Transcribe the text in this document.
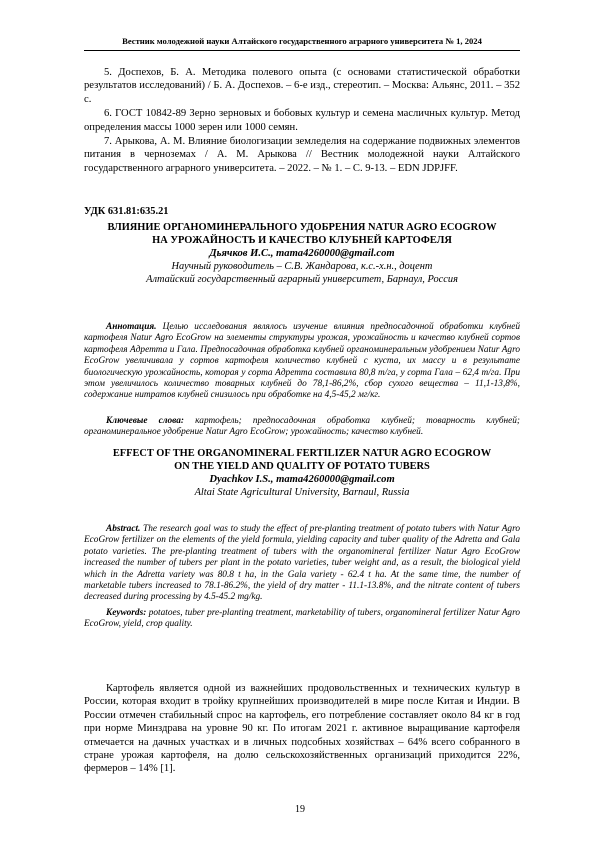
Вестник молодежной науки Алтайского государственного аграрного университета № 1, 2024

5. Доспехов, Б. А. Методика полевого опыта (с основами статистической обработки результатов исследований) / Б. А. Доспехов. – 6-е изд., стереотип. – Москва: Альянс, 2011. – 352 с.

6. ГОСТ 10842-89 Зерно зерновых и бобовых культур и семена масличных культур. Метод определения массы 1000 зерен или 1000 семян.

7. Арыкова, А. М. Влияние биологизации земледелия на содержание подвижных элементов питания в черноземах / А. М. Арыкова // Вестник молодежной науки Алтайского государственного аграрного университета. – 2022. – № 1. – С. 9-13. – EDN JDPJFF.

УДК 631.81:635.21

ВЛИЯНИЕ ОРГАНОМИНЕРАЛЬНОГО УДОБРЕНИЯ NATUR AGRO ECOGROW

НА УРОЖАЙНОСТЬ И КАЧЕСТВО КЛУБНЕЙ КАРТОФЕЛЯ

Дьячков И.С., mama4260000@gmail.com

Научный руководитель – С.В. Жандарова, к.с.-х.н., доцент

Алтайский государственный аграрный университет, Барнаул, Россия

Аннотация. Целью исследования являлось изучение влияния предпосадочной обработки клубней картофеля Natur Agro EcoGrow на элементы структуры урожая, урожайность и качество клубней сортов картофеля Адретта и Гала. Предпосадочная обработка клубней органоминеральным удобрением Natur Agro EcoGrow увеличивала у сортов картофеля количество клубней с куста, их массу и в результате биологическую урожайность, которая у сорта Адретта составила 80,8 т/га, у сорта Гала – 62,4 т/га. При этом увеличилось количество товарных клубней до 78,1-86,2%, сбор сухого вещества – 11,1-13,8%, содержание нитратов клубней снизилось при обработке на 4,5-45,2 мг/кг.

Ключевые слова: картофель; предпосадочная обработка клубней; товарность клубней; органоминеральное удобрение Natur Agro EcoGrow; урожайность; качество клубней.

EFFECT OF THE ORGANOMINERAL FERTILIZER NATUR AGRO ECOGROW

ON THE YIELD AND QUALITY OF POTATO TUBERS

Dyachkov I.S., mama4260000@gmail.com

Altai State Agricultural University, Barnaul, Russia

Abstract. The research goal was to study the effect of pre-planting treatment of potato tubers with Natur Agro EcoGrow fertilizer on the elements of the yield formula, yielding capacity and tuber quality of the Adretta and Gala potato varieties. The pre-planting treatment of tubers with the organomineral fertilizer Natur Agro EcoGrow increased the number of tubers per plant in the potato varieties, tuber weight and, as a result, the biological yield which in the Adretta variety was 80.8 t ha, in the Gala variety - 62.4 t ha. At the same time, the number of marketable tubers increased to 78.1-86.2%, the yield of dry matter - 11.1-13.8%, and the nitrate content of tubers decreased during processing by 4.5-45.2 mg/kg.

Keywords: potatoes, tuber pre-planting treatment, marketability of tubers, organomineral fertilizer Natur Agro EcoGrow, yield, crop quality.

Картофель является одной из важнейших продовольственных и технических культур в России, которая входит в тройку крупнейших производителей в мире после Китая и Индии. В России отмечен стабильный спрос на картофель, его потребление составляет около 84 кг в год при норме Минздрава на уровне 90 кг. По итогам 2021 г. активное выращивание картофеля отмечается на дачных участках и в личных подсобных хозяйствах – 64% всего собранного в стране урожая картофеля, на долю сельскохозяйственных организаций приходится 22%, фермеров – 14% [1].

19
